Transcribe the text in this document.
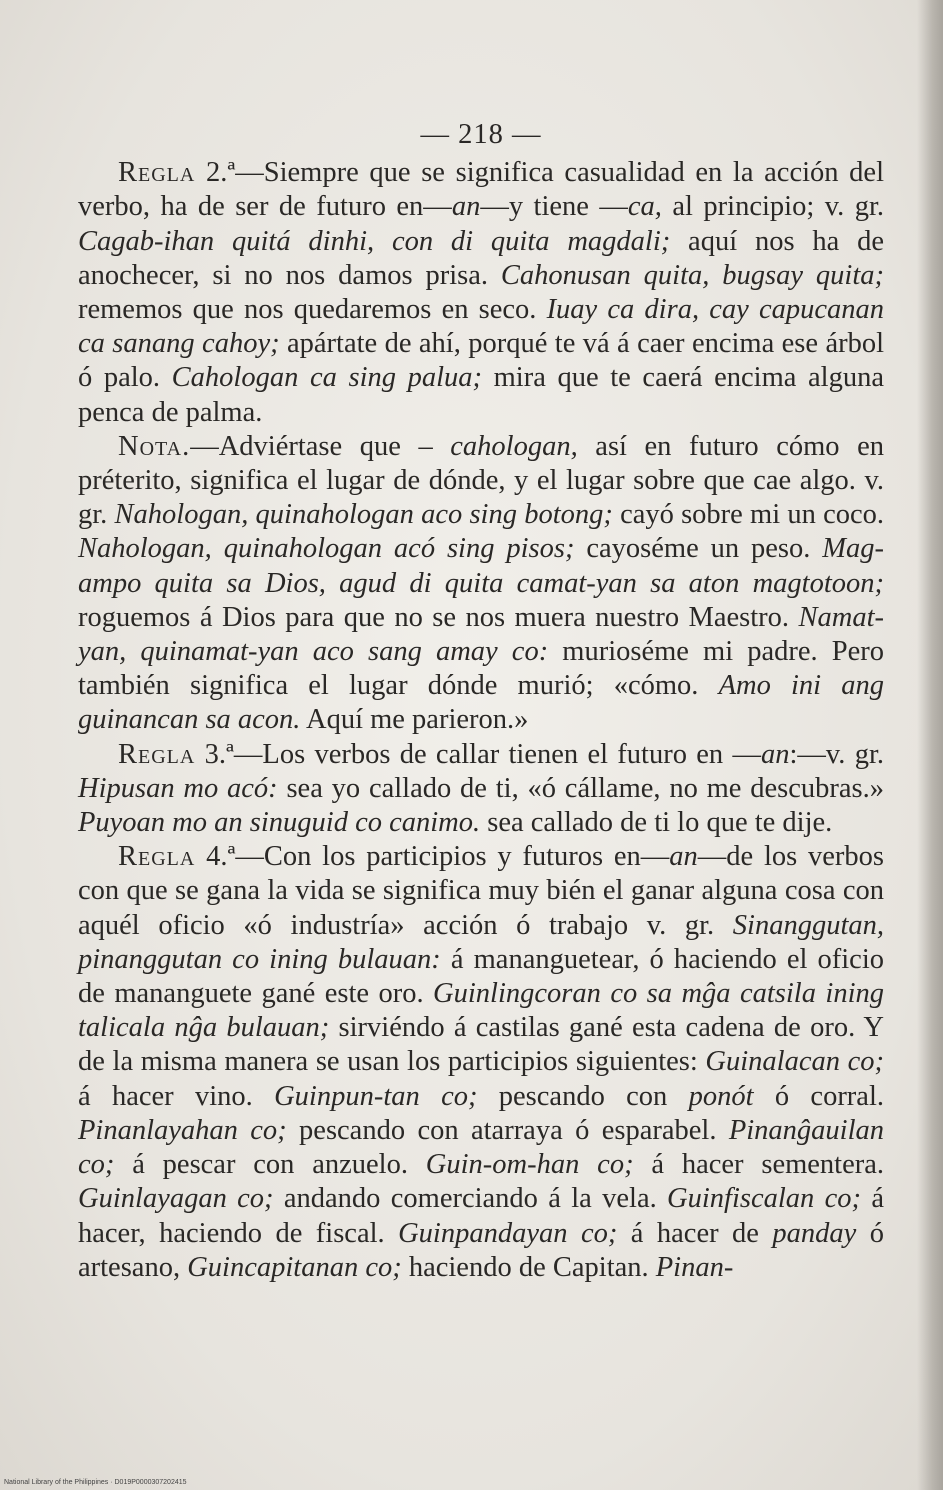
— 218 —

Regla 2.ª—Siempre que se significa casualidad en la acción del verbo, ha de ser de futuro en—an—y tiene —ca, al principio; v. gr. Cagab-ihan quitá dinhi, con di quita magdali; aquí nos ha de anochecer, si no nos damos prisa. Cahonusan quita, bugsay quita; rememos que nos quedaremos en seco. Iuay ca dira, cay capucanan ca sanang cahoy; apártate de ahí, porqué te vá á caer encima ese árbol ó palo. Cahologan ca sing palua; mira que te caerá encima alguna penca de palma.

Nota.—Adviértase que – cahologan, así en futuro cómo en préterito, significa el lugar de dónde, y el lugar sobre que cae algo. v. gr. Nahologan, quinahologan aco sing botong; cayó sobre mi un coco. Nahologan, quinahologan acó sing pisos; cayoséme un peso. Mag-ampo quita sa Dios, agud di quita camat-yan sa aton magtotoon; roguemos á Dios para que no se nos muera nuestro Maestro. Namat-yan, quinamat-yan aco sang amay co: murioséme mi padre. Pero también significa el lugar dónde murió; «cómo. Amo ini ang guinancan sa acon. Aquí me parieron.»

Regla 3.ª—Los verbos de callar tienen el futuro en —an:—v. gr. Hipusan mo acó: sea yo callado de ti, «ó cállame, no me descubras.» Puyoan mo an sinuguid co canimo. sea callado de ti lo que te dije.

Regla 4.ª—Con los participios y futuros en—an—de los verbos con que se gana la vida se significa muy bién el ganar alguna cosa con aquél oficio «ó industría» acción ó trabajo v. gr. Sinanggutan, pinanggutan co ining bulauan: á mananguetear, ó haciendo el oficio de mananguete gané este oro. Guinlingcoran co sa mĝa catsila ining talicala nĝa bulauan; sirviéndo á castilas gané esta cadena de oro. Y de la misma manera se usan los participios siguientes: Guinalacan co; á hacer vino. Guinpun-tan co; pescando con ponót ó corral. Pinanlayahan co; pescando con atarraya ó esparabel. Pinanĝauilan co; á pescar con anzuelo. Guin-om-han co; á hacer sementera. Guinlayagan co; andando comerciando á la vela. Guinfiscalan co; á hacer, haciendo de fiscal. Guinpandayan co; á hacer de panday ó artesano, Guincapitanan co; haciendo de Capitan. Pinan-

National Library of the Philippines · D019P0000307202415
